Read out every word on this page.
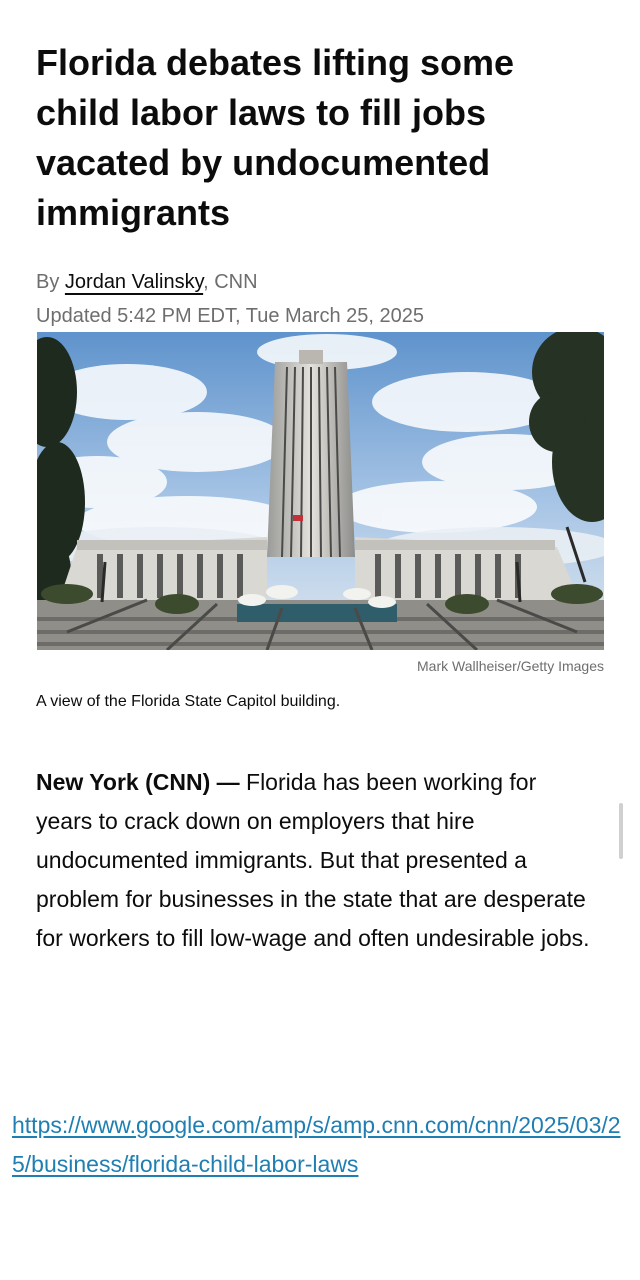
Florida debates lifting some child labor laws to fill jobs vacated by undocumented immigrants
By Jordan Valinsky, CNN
Updated 5:42 PM EDT, Tue March 25, 2025
Mark Wallheiser/Getty Images
A view of the Florida State Capitol building.

New York (CNN) — Florida has been working for years to crack down on employers that hire undocumented immigrants. But that presented a problem for businesses in the state that are desperate for workers to fill low-wage and often undesirable jobs.

https://www.google.com/amp/s/amp.cnn.com/cnn/2025/03/25/business/florida-child-labor-laws
